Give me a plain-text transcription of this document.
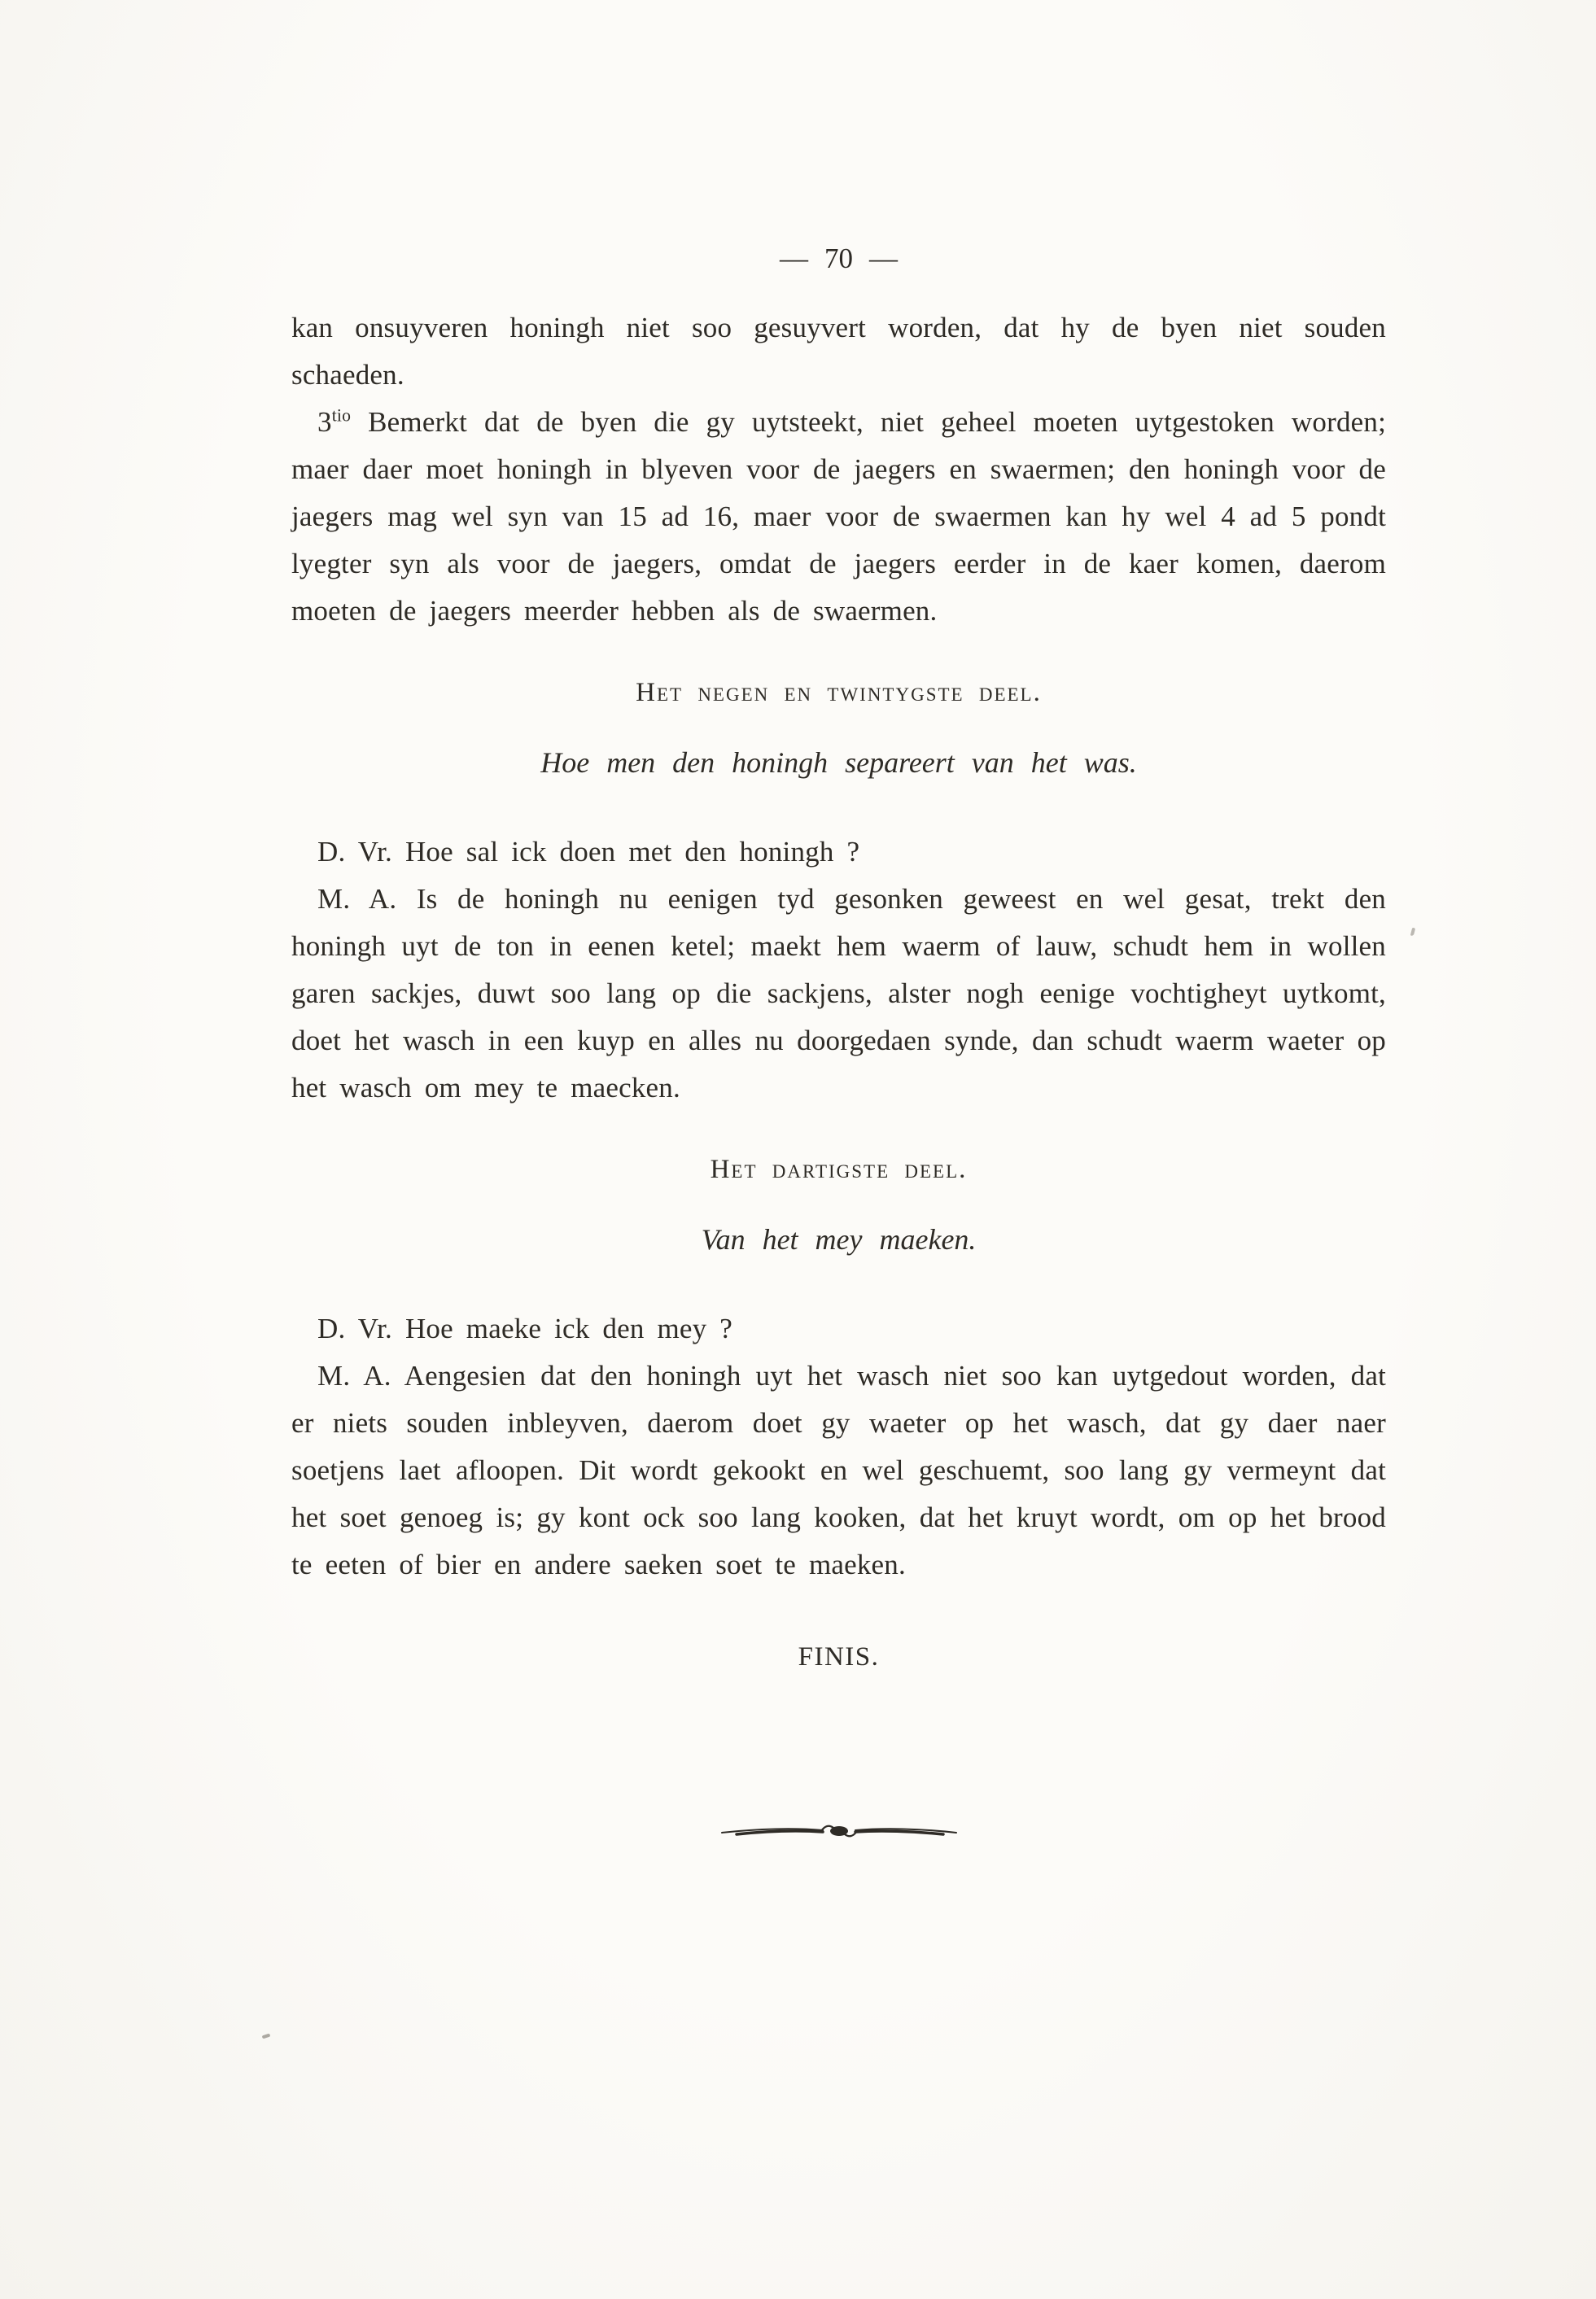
— 70 —

kan onsuyveren honingh niet soo gesuyvert worden, dat hy de byen niet souden schaeden.

$3^{tio}$ Bemerkt dat de byen die gy uytsteekt, niet geheel moeten uytgestoken worden; maer daer moet honingh in blyeven voor de jaegers en swaermen; den honingh voor de jaegers mag wel syn van 15 ad 16, maer voor de swaermen kan hy wel 4 ad 5 pondt lyegter syn als voor de jaegers, omdat de jaegers eerder in de kaer komen, daerom moeten de jaegers meerder hebben als de swaermen.

Het negen en twintygste deel.

Hoe men den honingh separeert van het was.

D. Vr. Hoe sal ick doen met den honingh ?

M. A. Is de honingh nu eenigen tyd gesonken geweest en wel gesat, trekt den honingh uyt de ton in eenen ketel; maekt hem waerm of lauw, schudt hem in wollen garen sackjes, duwt soo lang op die sackjens, alster nogh eenige vochtigheyt uytkomt, doet het wasch in een kuyp en alles nu doorgedaen synde, dan schudt waerm waeter op het wasch om mey te maecken.

Het dartigste deel.

Van het mey maeken.

D. Vr. Hoe maeke ick den mey ?

M. A. Aengesien dat den honingh uyt het wasch niet soo kan uytgedout worden, dat er niets souden inbleyven, daerom doet gy waeter op het wasch, dat gy daer naer soetjens laet afloopen. Dit wordt gekookt en wel geschuemt, soo lang gy vermeynt dat het soet genoeg is; gy kont ock soo lang kooken, dat het kruyt wordt, om op het brood te eeten of bier en andere saeken soet te maeken.

FINIS.
